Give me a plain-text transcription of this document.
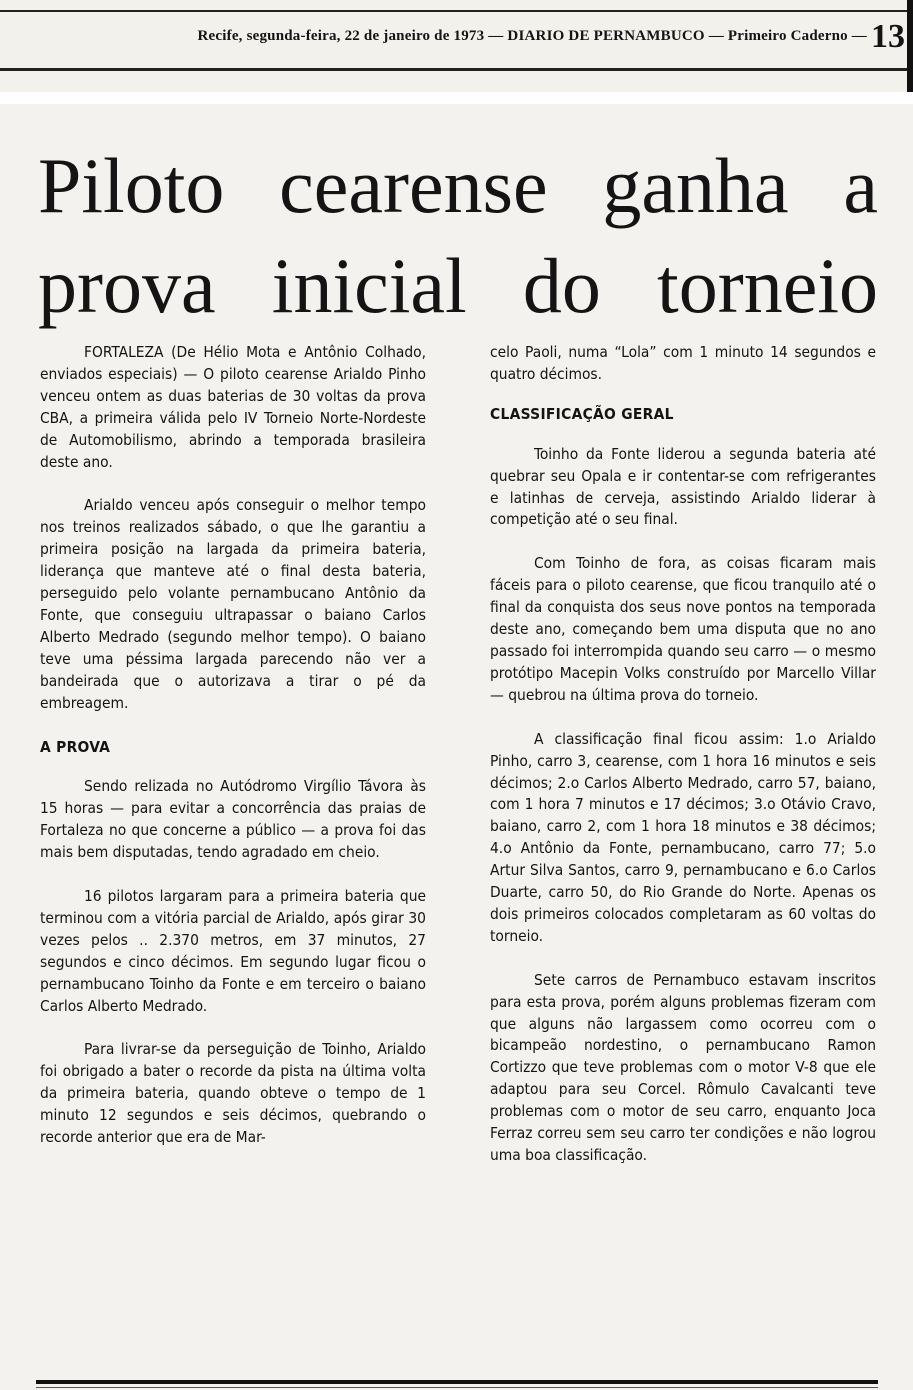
Recife, segunda-feira, 22 de janeiro de 1973 — DIARIO DE PERNAMBUCO — Primeiro Caderno — 13
Piloto cearense ganha a
prova inicial do torneio

FORTALEZA (De Hélio Mota e Antônio Colhado, enviados especiais) — O piloto cearense Arialdo Pinho venceu ontem as duas baterias de 30 voltas da prova CBA, a primeira válida pelo IV Torneio Norte-Nordeste de Automobilismo, abrindo a temporada brasileira deste ano.

Arialdo venceu após conseguir o melhor tempo nos treinos realizados sábado, o que lhe garantiu a primeira posição na largada da primeira bateria, liderança que manteve até o final desta bateria, perseguido pelo volante pernambucano Antônio da Fonte, que conseguiu ultrapassar o baiano Carlos Alberto Medrado (segundo melhor tempo). O baiano teve uma péssima largada parecendo não ver a bandeirada que o autorizava a tirar o pé da embreagem.

A PROVA

Sendo relizada no Autódromo Virgílio Távora às 15 horas — para evitar a concorrência das praias de Fortaleza no que concerne a público — a prova foi das mais bem disputadas, tendo agradado em cheio.

16 pilotos largaram para a primeira bateria que terminou com a vitória parcial de Arialdo, após girar 30 vezes pelos .. 2.370 metros, em 37 minutos, 27 segundos e cinco décimos. Em segundo lugar ficou o pernambucano Toinho da Fonte e em terceiro o baiano Carlos Alberto Medrado.

Para livrar-se da perseguição de Toinho, Arialdo foi obrigado a bater o recorde da pista na última volta da primeira bateria, quando obteve o tempo de 1 minuto 12 segundos e seis décimos, quebrando o recorde anterior que era de Mar-

celo Paoli, numa “Lola” com 1 minuto 14 segundos e quatro décimos.

CLASSIFICAÇÃO GERAL

Toinho da Fonte liderou a segunda bateria até quebrar seu Opala e ir contentar-se com refrigerantes e latinhas de cerveja, assistindo Arialdo liderar à competição até o seu final.

Com Toinho de fora, as coisas ficaram mais fáceis para o piloto cearense, que ficou tranquilo até o final da conquista dos seus nove pontos na temporada deste ano, começando bem uma disputa que no ano passado foi interrompida quando seu carro — o mesmo protótipo Macepin Volks construído por Marcello Villar — quebrou na última prova do torneio.

A classificação final ficou assim: 1.o Arialdo Pinho, carro 3, cearense, com 1 hora 16 minutos e seis décimos; 2.o Carlos Alberto Medrado, carro 57, baiano, com 1 hora 7 minutos e 17 décimos; 3.o Otávio Cravo, baiano, carro 2, com 1 hora 18 minutos e 38 décimos; 4.o Antônio da Fonte, pernambucano, carro 77; 5.o Artur Silva Santos, carro 9, pernambucano e 6.o Carlos Duarte, carro 50, do Rio Grande do Norte. Apenas os dois primeiros colocados completaram as 60 voltas do torneio.

Sete carros de Pernambuco estavam inscritos para esta prova, porém alguns problemas fizeram com que alguns não largassem como ocorreu com o bicampeão nordestino, o pernambucano Ramon Cortizzo que teve problemas com o motor V-8 que ele adaptou para seu Corcel. Rômulo Cavalcanti teve problemas com o motor de seu carro, enquanto Joca Ferraz correu sem seu carro ter condições e não logrou uma boa classificação.
